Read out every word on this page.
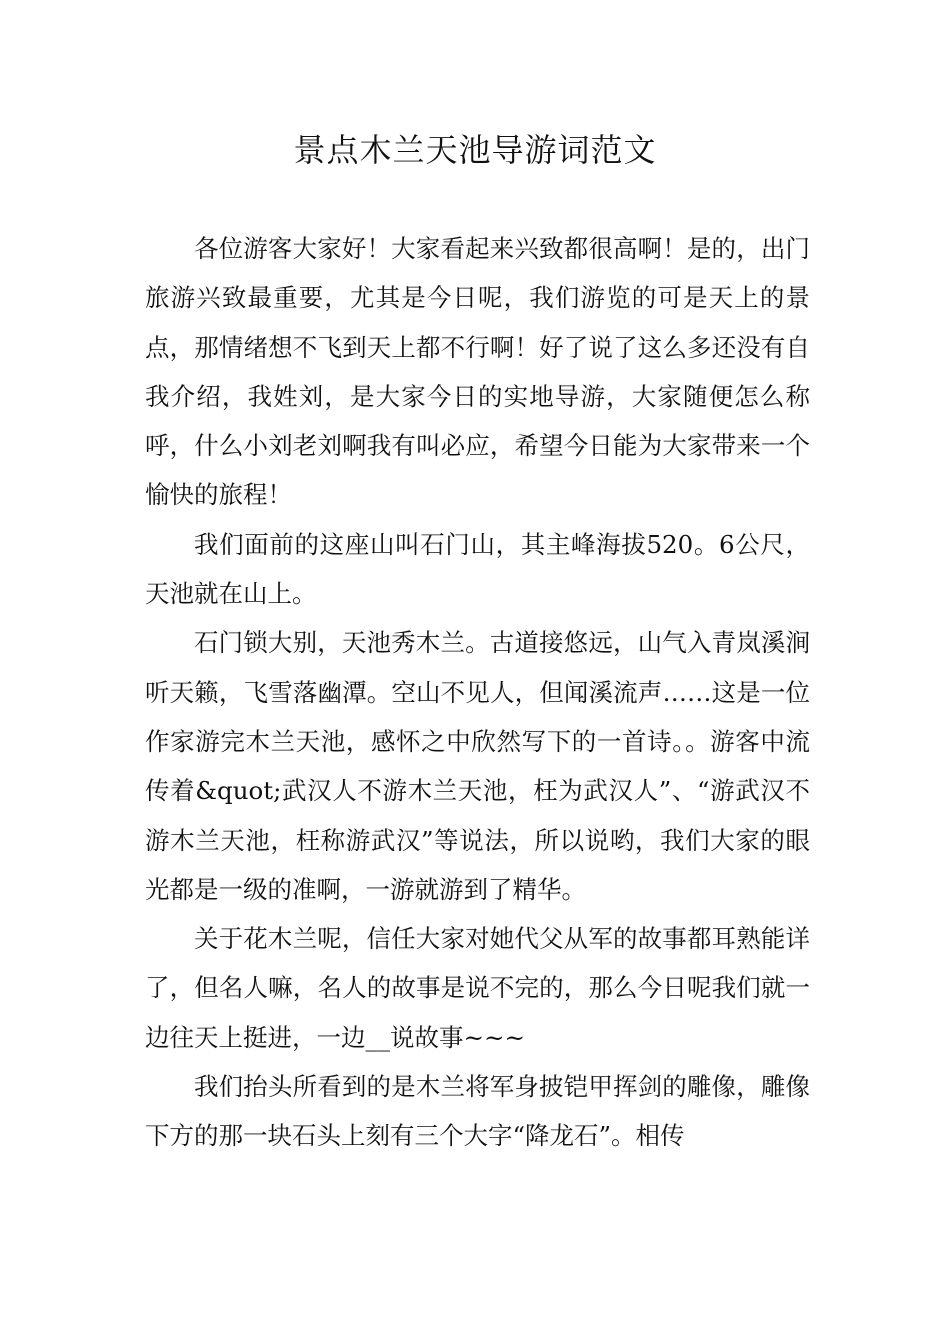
景点木兰天池导游词范文

各位游客大家好！大家看起来兴致都很高啊！是的，出门旅游兴致最重要，尤其是今日呢，我们游览的可是天上的景点，那情绪想不飞到天上都不行啊！好了说了这么多还没有自我介绍，我姓刘，是大家今日的实地导游，大家随便怎么称呼，什么小刘老刘啊我有叫必应，希望今日能为大家带来一个愉快的旅程！

我们面前的这座山叫石门山，其主峰海拔520。6公尺，天池就在山上。

石门锁大别，天池秀木兰。古道接悠远，山气入青岚溪涧听天籁，飞雪落幽潭。空山不见人，但闻溪流声……这是一位作家游完木兰天池，感怀之中欣然写下的一首诗。。游客中流传着&quot;武汉人不游木兰天池，枉为武汉人”、“游武汉不游木兰天池，枉称游武汉”等说法，所以说哟，我们大家的眼光都是一级的准啊，一游就游到了精华。

关于花木兰呢，信任大家对她代父从军的故事都耳熟能详了，但名人嘛，名人的故事是说不完的，那么今日呢我们就一边往天上挺进，一边__说故事~~~

我们抬头所看到的是木兰将军身披铠甲挥剑的雕像，雕像下方的那一块石头上刻有三个大字“降龙石”。相传
